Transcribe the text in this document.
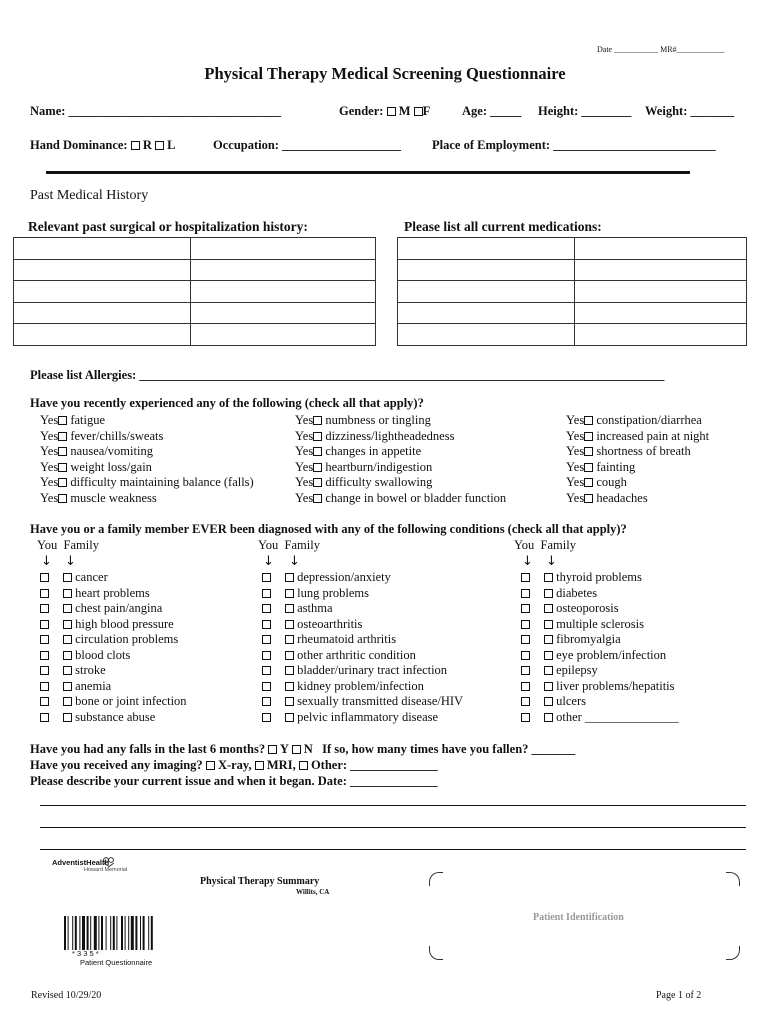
Date ___________ MR#____________
Physical Therapy Medical Screening Questionnaire
Name: __________________________________	Gender: M F	Age: _____ Height: ________ Weight: _______
Hand Dominance: R L	Occupation: ___________________ Place of Employment: __________________________
Past Medical History
Relevant past surgical or hospitalization history:	Please list all current medications:

Please list Allergies: ____________________________________________________________________________________
Have you recently experienced any of the following (check all that apply)?
Yes fatigue
Yes fever/chills/sweats
Yes nausea/vomiting
Yes weight loss/gain
Yes difficulty maintaining balance (falls)
Yes muscle weakness
Yes numbness or tingling
Yes dizziness/lightheadedness
Yes changes in appetite
Yes heartburn/indigestion
Yes difficulty swallowing
Yes change in bowel or bladder function
Yes constipation/diarrhea
Yes increased pain at night
Yes shortness of breath
Yes fainting
Yes cough
Yes headaches
Have you or a family member EVER been diagnosed with any of the following conditions (check all that apply)?
You Family	You Family	You Family
↓ ↓	↓ ↓	↓ ↓
cancer
heart problems
chest pain/angina
high blood pressure
circulation problems
blood clots
stroke
anemia
bone or joint infection
substance abuse
depression/anxiety
lung problems
asthma
osteoarthritis
rheumatoid arthritis
other arthritic condition
bladder/urinary tract infection
kidney problem/infection
sexually transmitted disease/HIV
pelvic inflammatory disease
thyroid problems
diabetes
osteoporosis
multiple sclerosis
fibromyalgia
eye problem/infection
epilepsy
liver problems/hepatitis
ulcers
other _______________
Have you had any falls in the last 6 months? Y N If so, how many times have you fallen? _______
Have you received any imaging? X-ray, MRI, Other: ______________
Please describe your current issue and when it began. Date: ______________
AdventistHealth
Howard Memorial
Physical Therapy Summary
Willits, CA
Patient Identification
* 3 3 5 *
Patient Questionnaire
Revised 10/29/20	Page 1 of 2
